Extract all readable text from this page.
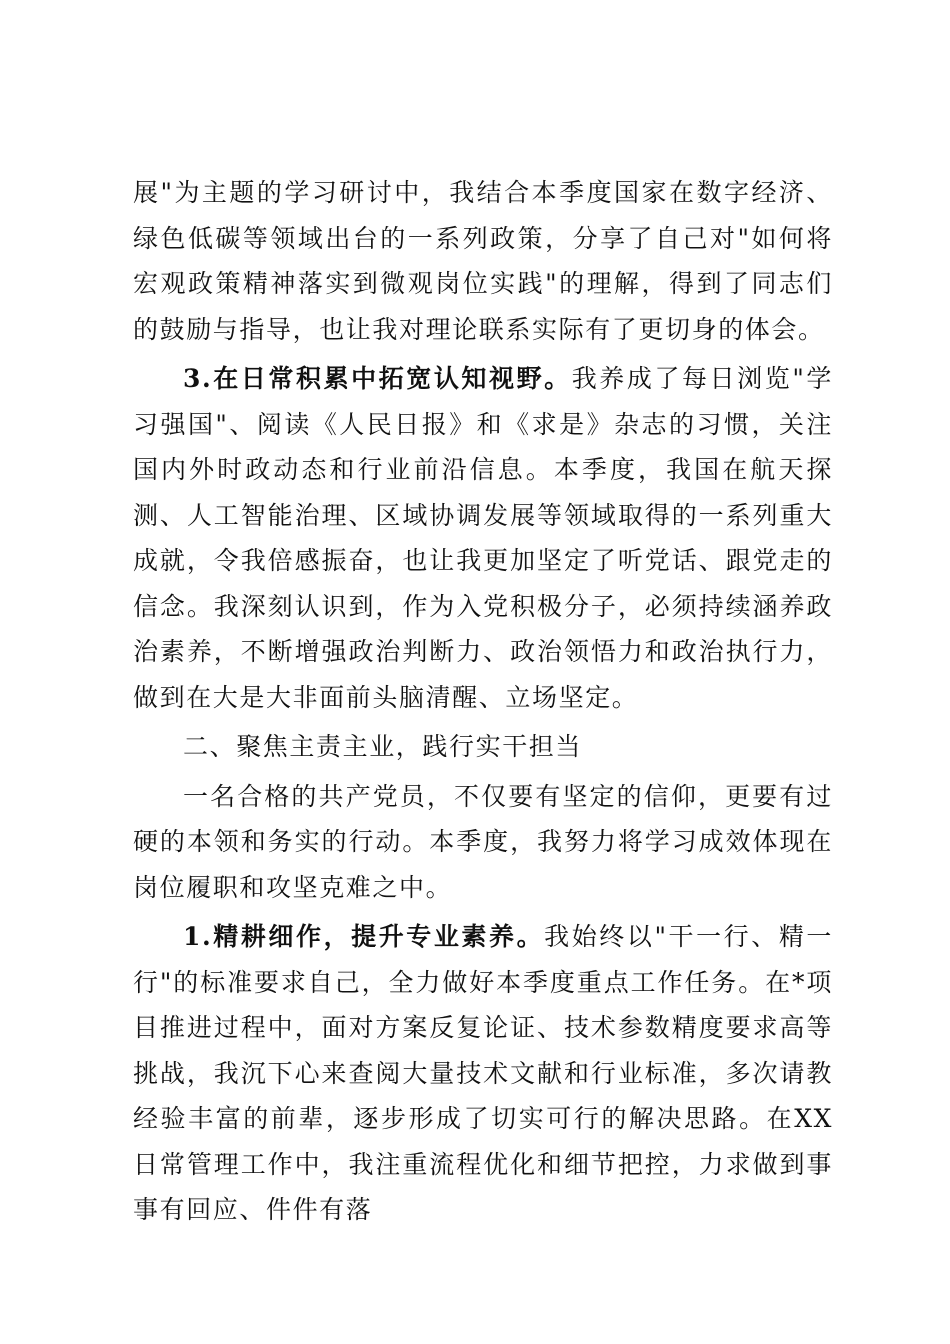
展"为主题的学习研讨中，我结合本季度国家在数字经济、绿色低碳等领域出台的一系列政策，分享了自己对"如何将宏观政策精神落实到微观岗位实践"的理解，得到了同志们的鼓励与指导，也让我对理论联系实际有了更切身的体会。

3.在日常积累中拓宽认知视野。我养成了每日浏览"学习强国"、阅读《人民日报》和《求是》杂志的习惯，关注国内外时政动态和行业前沿信息。本季度，我国在航天探测、人工智能治理、区域协调发展等领域取得的一系列重大成就，令我倍感振奋，也让我更加坚定了听党话、跟党走的信念。我深刻认识到，作为入党积极分子，必须持续涵养政治素养，不断增强政治判断力、政治领悟力和政治执行力，做到在大是大非面前头脑清醒、立场坚定。

二、聚焦主责主业，践行实干担当

一名合格的共产党员，不仅要有坚定的信仰，更要有过硬的本领和务实的行动。本季度，我努力将学习成效体现在岗位履职和攻坚克难之中。

1.精耕细作，提升专业素养。我始终以"干一行、精一行"的标准要求自己，全力做好本季度重点工作任务。在*项目推进过程中，面对方案反复论证、技术参数精度要求高等挑战，我沉下心来查阅大量技术文献和行业标准，多次请教经验丰富的前辈，逐步形成了切实可行的解决思路。在XX日常管理工作中，我注重流程优化和细节把控，力求做到事事有回应、件件有落
